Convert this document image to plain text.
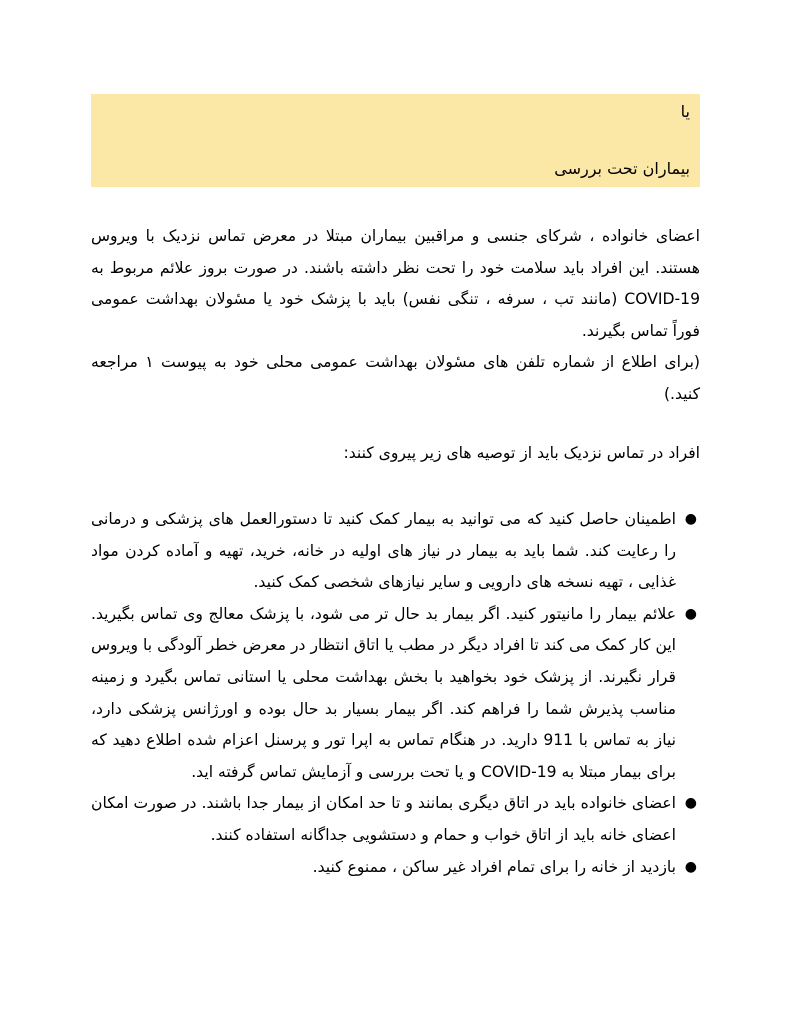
یا
بیماران تحت بررسی

اعضای خانواده ، شرکای جنسی و مراقبین بیماران مبتلا در معرض تماس نزدیک با ویروس هستند. این افراد باید سلامت خود را تحت نظر داشته باشند. در صورت بروز علائم مربوط به COVID-19 (مانند تب ، سرفه ، تنگی نفس) باید با پزشک خود یا مسٔولان بهداشت عمومی فوراً تماس بگیرند.

(برای اطلاع از شماره تلفن های مسٔولان بهداشت عمومی محلی خود به پیوست ۱ مراجعه کنید.)

افراد در تماس نزدیک باید از توصیه های زیر پیروی کنند:
●
اطمینان حاصل کنید که می توانید به بیمار کمک کنید تا دستورالعمل های پزشکی و درمانی را رعایت کند. شما باید به بیمار در نیاز های اولیه در خانه، خرید، تهیه و آماده کردن مواد غذایی ، تهیه نسخه های دارویی و سایر نیازهای شخصی کمک کنید.
●
علائم بیمار را مانیتور کنید. اگر بیمار بد حال تر می شود، با پزشک معالج وی تماس بگیرید. این کار کمک می کند تا افراد دیگر در مطب یا اتاق انتظار در معرض خطر آلودگی با ویروس قرار نگیرند. از پزشک خود بخواهید با بخش بهداشت محلی یا استانی تماس بگیرد و زمینه مناسب پذیرش شما را فراهم کند. اگر بیمار بسیار بد حال بوده و اورژانس پزشکی دارد، نیاز به تماس با 911 دارید. در هنگام تماس به اپرا تور و پرسنل اعزام شده اطلاع دهید که برای بیمار مبتلا به COVID-19 و یا تحت بررسی و آزمایش تماس گرفته اید.
●
اعضای خانواده باید در اتاق دیگری بمانند و تا حد امکان از بیمار جدا باشند. در صورت امکان اعضای خانه باید از اتاق خواب و حمام و دستشویی جداگانه استفاده کنند.
●
بازدید از خانه را برای تمام افراد غیر ساکن ، ممنوع کنید.
